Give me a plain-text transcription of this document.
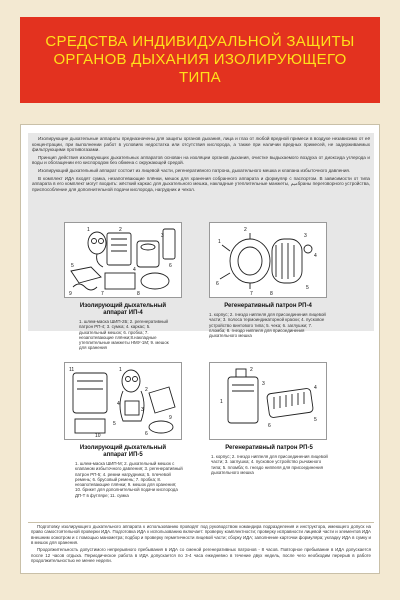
СРЕДСТВА ИНДИВИДУАЛЬНОЙ ЗАЩИТЫ ОРГАНОВ ДЫХАНИЯ ИЗОЛИРУЮЩЕГО ТИПА

Изолирующие дыхательные аппараты предназначены для защиты органов дыхания, лица и глаз от любой вредной примеси в воздухе независимо от её концентрации, при выполнении работ в условиях недостатка или отсутствия кислорода, а также при наличии вредных примесей, не задерживаемых фильтрующими противогазами.

Принцип действия изолирующих дыхательных аппаратов основан на изоляции органов дыхания, очистке выдыхаемого воздуха от диоксида углерода и воды и обогащении его кислородом без обмена с окружающей средой.

Изолирующий дыхательный аппарат состоит из лицевой части, регенеративного патрона, дыхательного мешка и клапана избыточного давления.

В комплект ИДА входят сумка, незапотевающие плёнки, мешок для хранения собранного аппарата и формуляр с паспортом. В зависимости от типа аппарата в его комплект могут входить: жёсткий каркас для дыхательного мешка, накладные утеплительные манжеты, میمбраны переговорного устройства, приспособление для дополнительной подачи кислорода, нагрудник и чехол.

1	2
3
4
5	6
7	8
9
Изолирующий дыхательный аппарат ИП-4
1. шлем-маска ШИП-2Б; 2. регенеративный патрон РП-4; 3. сумка; 4. каркас; 5. дыхательный мешок; 6. пробка; 7. незапотевающие плёнки;8.накладные утеплительные манжеты НМУ-1М; 9. мешок для хранения
1
2
3
4
5
6
7	8
Регенеративный патрон РП-4
1. корпус; 2. гнездо ниппеля для присоединения лицевой части; 3. полоса термоиндикаторной краски; 4. пусковое устройство винтового типа; 5. чека; 6. заглушки; 7. пломба; 8. гнездо ниппеля для присоединения дыхательного мешка
1
2
3
4
5
6
11
10
9
Изолирующий дыхательный аппарат ИП-5
1. шлем-маска ШИП-М; 2. дыхательный мешок с клапаном избыточного давления; 3. регенеративный патрон РП-5; 4. ремни нагрудника; 5. плечевой ремень; 6. брусовый ремень; 7. пробка; 8. незапотевающие плёнки; 9. мешок для хранения; 10. брикет для дополнительной подачи кислорода ДП-Т в футляре; 11. сумка
1
2
3
4
5
6
Регенеративный патрон РП-5
1. корпус; 2. гнездо ниппеля для присоединения лицевой части; 3. заглушка; 4. пусковое устройство рычажного типа; 5. пломба; 6. гнездо ниппеля для присоединения дыхательного мешка

Подготовку изолирующего дыхательного аппарата к использованию проводят под руководством командира подразделения и инструктора, имеющего допуск на право самостоятельной проверки ИДА. Подготовка ИДА к использованию включает: проверку комплектности; проверку исправности лицевой части и элементов ИДА внешним осмотром и с помощью манометра; подбор и проверку герметичности лицевой части; сборку ИДА; заполнение карточки формуляра; укладку ИДА в сумку и в мешок для хранения.

Продолжительность допустимого непрерывного пребывания в ИДА со сменой регенеративных патронов - 8 часов. Повторное пребывание в ИДА допускается после 12 часов отдыха. Периодическое работа в ИДА допускается по 3-4 часа ежедневно в течение двух недель, после чего необходим перерыв в работе продолжительностью не менее недели.
